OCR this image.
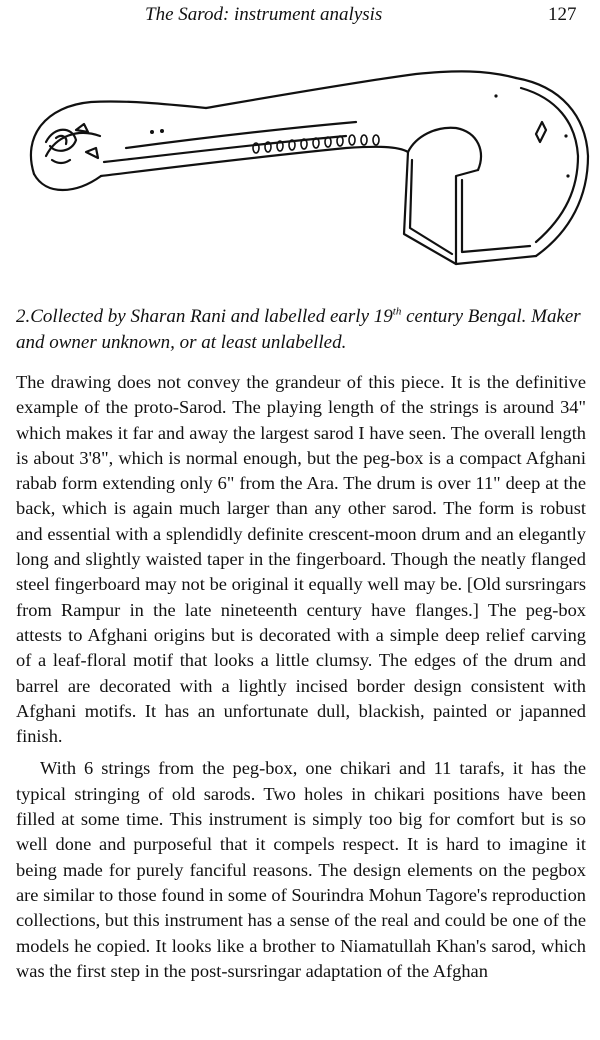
The Sarod: instrument analysis	127
2.Collected by Sharan Rani and labelled early 19th century Bengal. Maker and owner unknown, or at least unlabelled.

The drawing does not convey the grandeur of this piece. It is the definitive example of the proto-Sarod. The playing length of the strings is around 34" which makes it far and away the largest sarod I have seen. The overall length is about 3'8", which is normal enough, but the peg-box is a compact Afghani rabab form extending only 6" from the Ara. The drum is over 11" deep at the back, which is again much larger than any other sarod. The form is robust and essential with a splendidly definite crescent-moon drum and an elegantly long and slightly waisted taper in the fingerboard. Though the neatly flanged steel fingerboard may not be original it equally well may be. [Old sursringars from Rampur in the late nineteenth century have flanges.] The peg-box attests to Afghani origins but is decorated with a simple deep relief carving of a leaf-floral motif that looks a little clumsy. The edges of the drum and barrel are decorated with a lightly incised border design consistent with Afghani motifs. It has an unfortunate dull, blackish, painted or japanned finish.

With 6 strings from the peg-box, one chikari and 11 tarafs, it has the typical stringing of old sarods. Two holes in chikari positions have been filled at some time. This instrument is simply too big for comfort but is so well done and purposeful that it compels respect. It is hard to imagine it being made for purely fanciful reasons. The design elements on the pegbox are similar to those found in some of Sourindra Mohun Tagore's reproduction collections, but this instrument has a sense of the real and could be one of the models he copied. It looks like a brother to Niamatullah Khan's sarod, which was the first step in the post-sursringar adaptation of the Afghan
